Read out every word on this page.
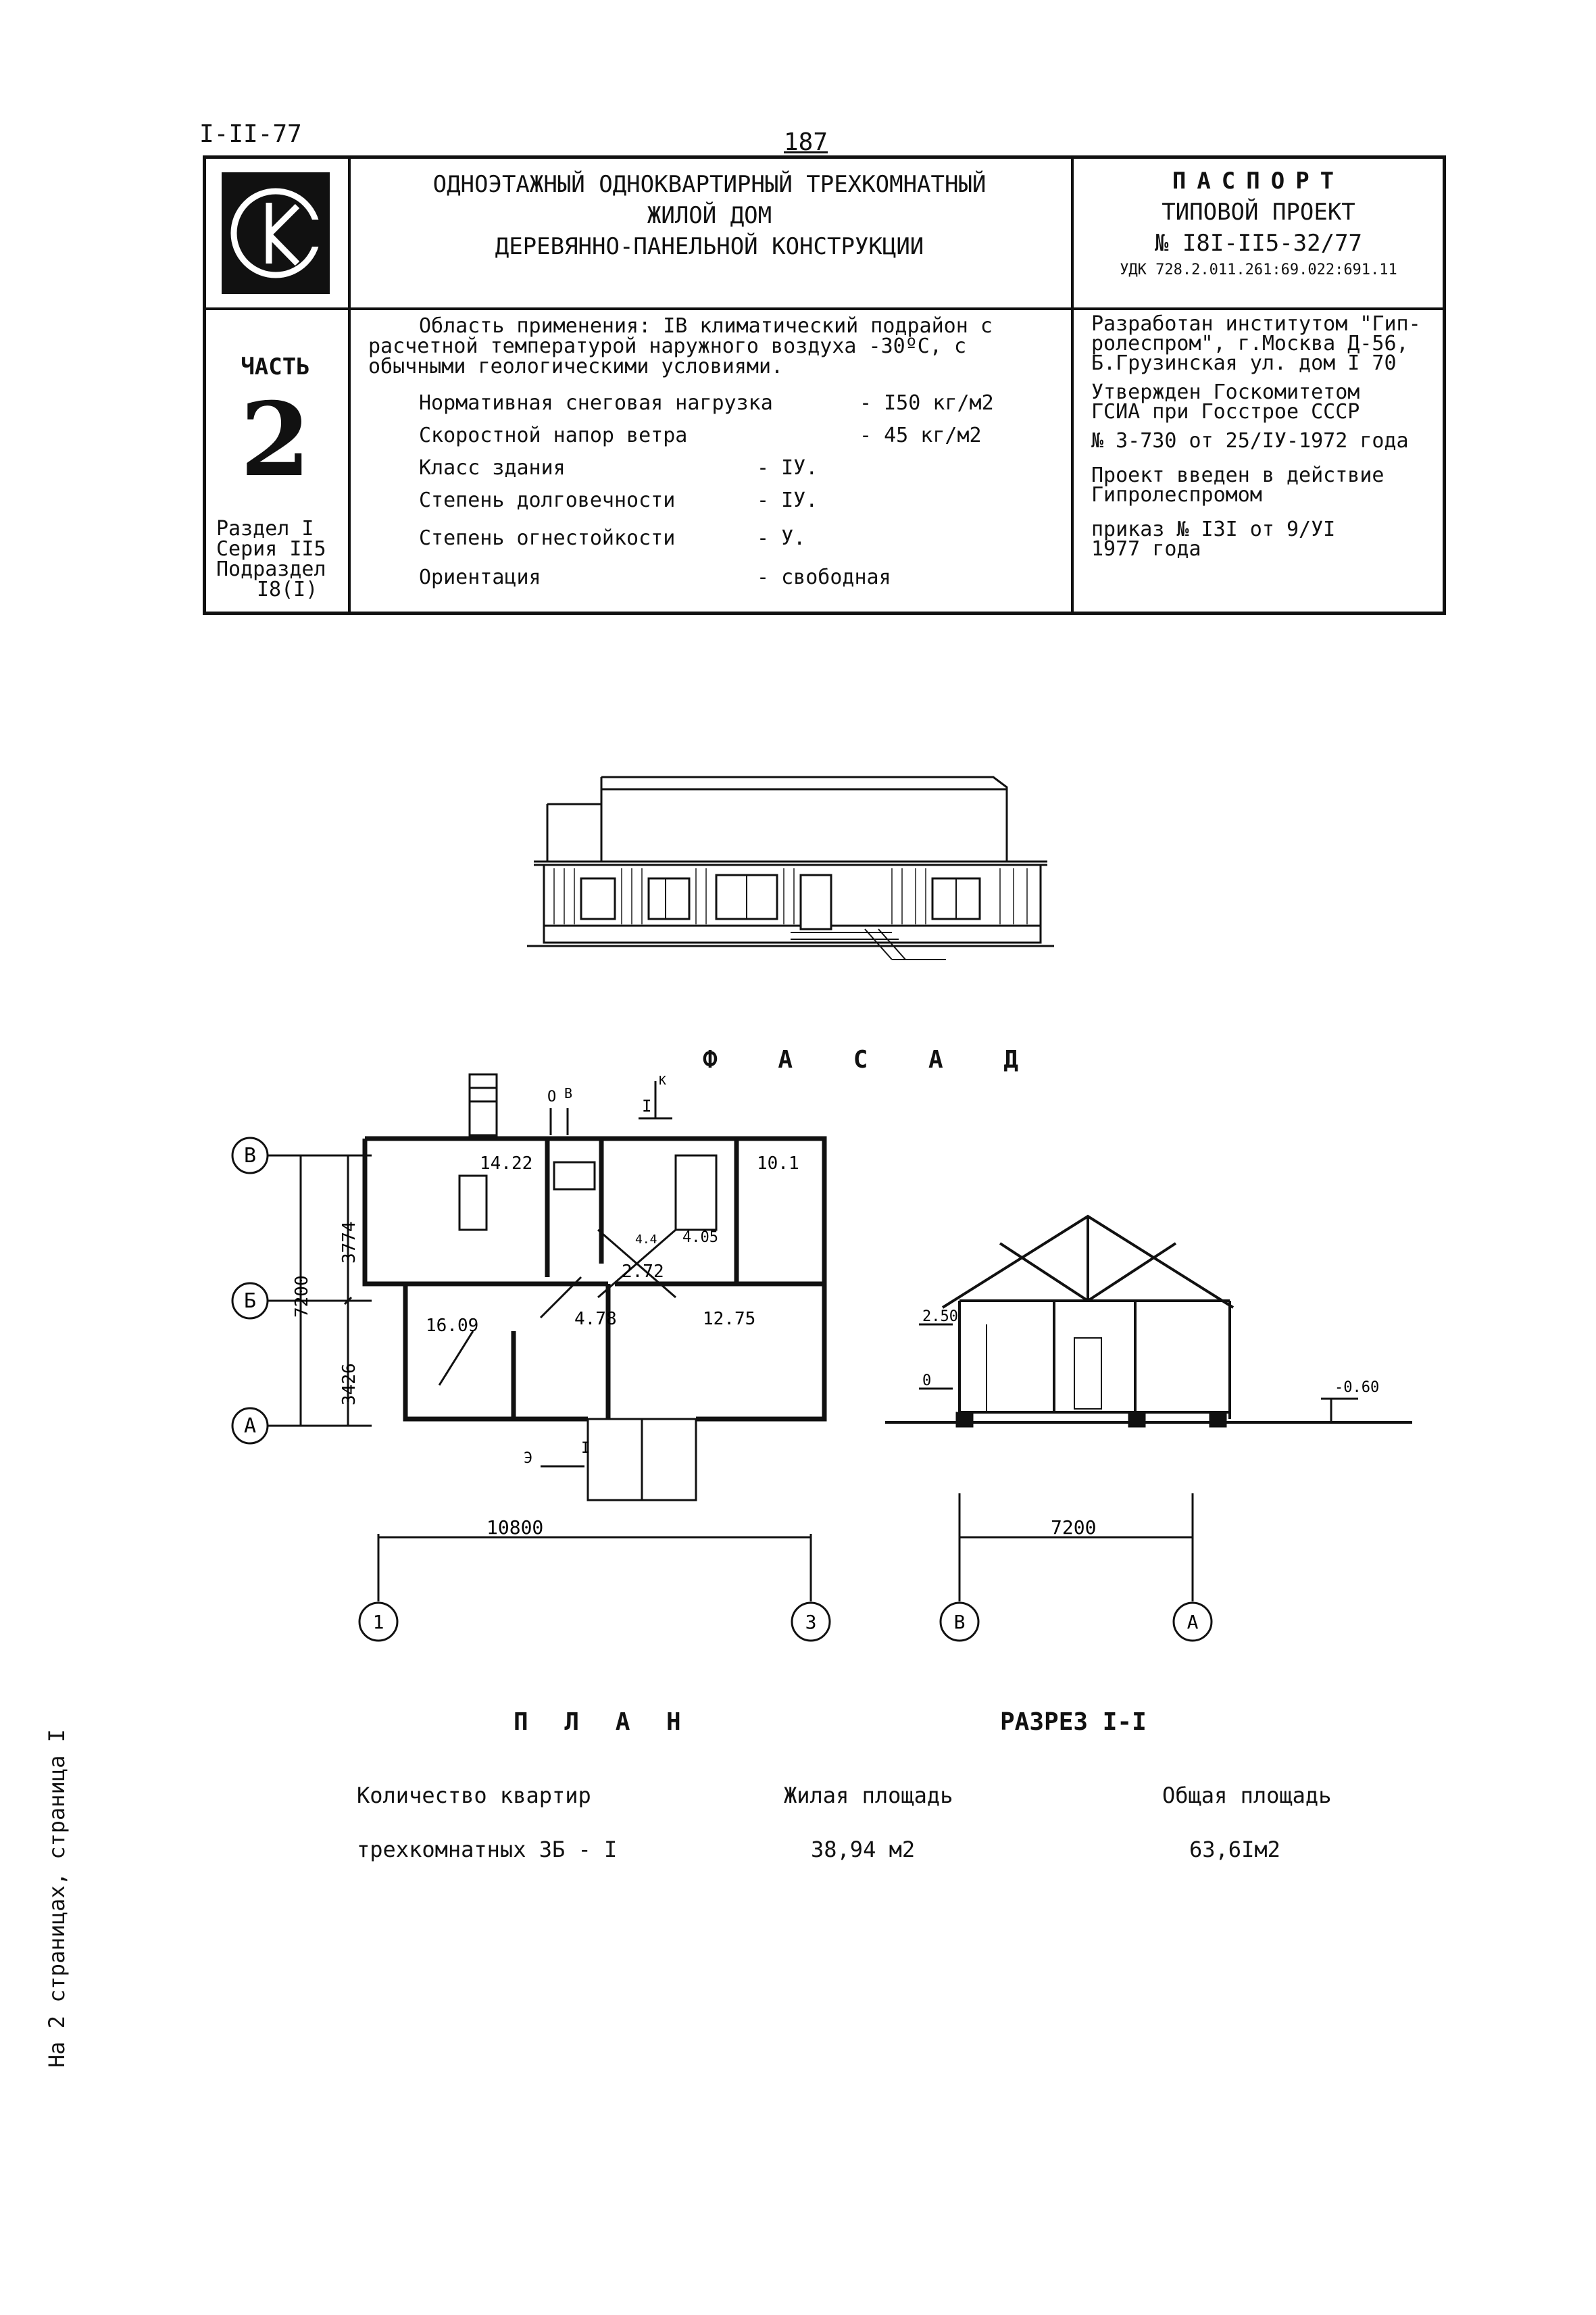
I-II-77	187
ОДНОЭТАЖНЫЙ ОДНОКВАРТИРНЫЙ ТРЕХКОМНАТНЫЙ
ЖИЛОЙ ДОМ
ДЕРЕВЯННО-ПАНЕЛЬНОЙ КОНСТРУКЦИИ
ПАСПОРТ
ТИПОВОЙ ПРОЕКТ
№ I8I-II5-32/77
УДК 728.2.011.261:69.022:691.11
ЧАСТЬ
2
Раздел I
Серия II5
Подраздел
I8(I)
Область применения: IВ климатический подрайон с
расчетной температурой наружного воздуха -30ºС, с
обычными геологическими условиями.
Нормативная снеговая нагрузка	- I50 кг/м2
Скоростной напор ветра	- 45 кг/м2
Класс здания	- IУ.
Степень долговечности	- IУ.
Степень огнестойкости	- У.
Ориентация	- свободная
Разработан институтом "Гип-
ролеспром", г.Москва Д-56,
Б.Грузинская ул. дом I 70
Утвержден Госкомитетом
ГСИА при Госстрое СССР
№ 3-730 от 25/IУ-1972 года
Проект введен в действие
Гипролеспромом
приказ № I3I от 9/УI
1977 года
Ф А С А Д
В
Б
А
7200
3774
3426
14.22	10.1
16.09	4.78	12.75
2.72
4.05
4.4
О В
I
К
Э
I
10800
1	3
2.50
0	-0.60
7200
В	А
П Л А Н	РАЗРЕЗ I-I
Количество квартир	Жилая площадь	Общая площадь
трехкомнатных 3Б - I	38,94 м2	63,6Iм2
На 2 страницах, страница I
